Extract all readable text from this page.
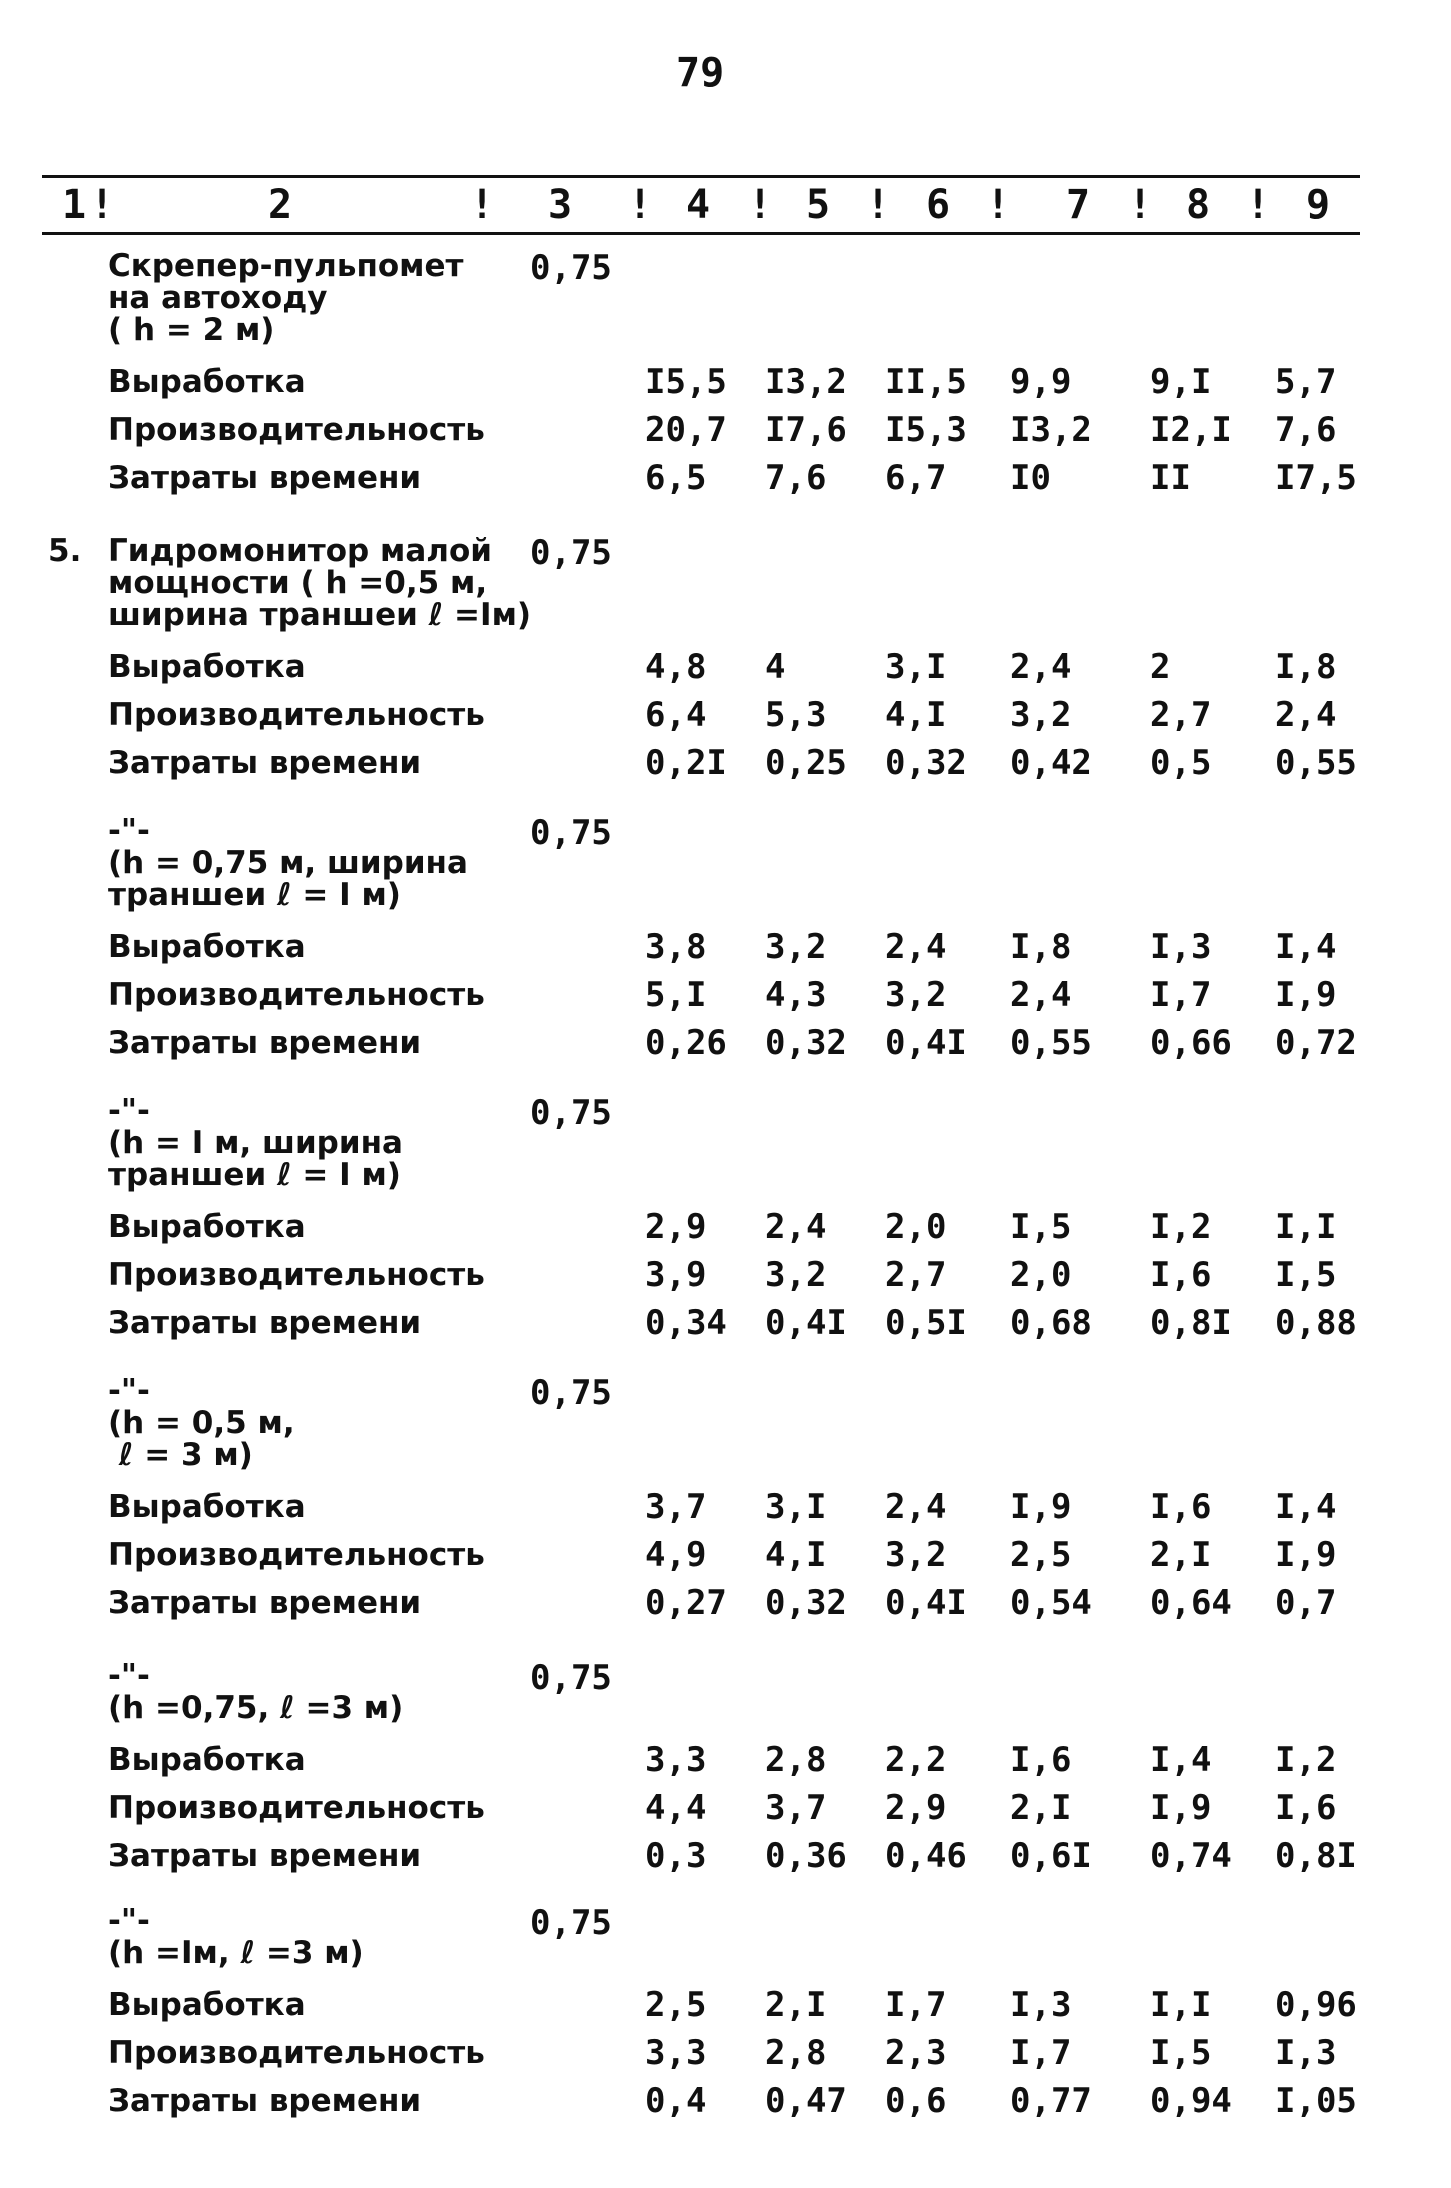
79
1	2	3	4 5 6	7 8 9
!	!	! ! ! !	! !
Скрепер-пульпомет
на автоходу
( h = 2 м)
0,75
Выработка	I5,5 I3,2 II,5 9,9 9,I 5,7
Производительность	20,7 I7,6 I5,3 I3,2 I2,I 7,6
Затраты времени	6,5 7,6 6,7 I0	II I7,5
5. Гидромонитор малой
мощности ( h =0,5 м,
ширина траншеи ℓ =Iм)
0,75
Выработка	4,8 4	3,I 2,4 2	I,8
Производительность	6,4 5,3 4,I 3,2 2,7 2,4
Затраты времени	0,2I 0,25 0,32 0,42 0,5 0,55
-"-
(h = 0,75 м, ширина
траншеи ℓ = I м)
0,75
Выработка	3,8 3,2 2,4 I,8 I,3 I,4
Производительность	5,I 4,3 3,2 2,4 I,7 I,9
Затраты времени	0,26 0,32 0,4I 0,55 0,66 0,72
-"-
(h = I м, ширина
траншеи ℓ = I м)
0,75
Выработка	2,9 2,4 2,0 I,5 I,2 I,I
Производительность	3,9 3,2 2,7 2,0 I,6 I,5
Затраты времени	0,34 0,4I 0,5I 0,68 0,8I 0,88
-"-
(h = 0,5 м,
ℓ = 3 м)
0,75
Выработка	3,7 3,I 2,4 I,9 I,6 I,4
Производительность	4,9 4,I 3,2 2,5 2,I I,9
Затраты времени	0,27 0,32 0,4I 0,54 0,64 0,7
-"-
(h =0,75, ℓ =3 м)
0,75
Выработка	3,3 2,8 2,2 I,6 I,4 I,2
Производительность	4,4 3,7 2,9 2,I I,9 I,6
Затраты времени	0,3 0,36 0,46 0,6I 0,74 0,8I
-"-
(h =Iм, ℓ =3 м)
0,75
Выработка	2,5 2,I I,7 I,3 I,I 0,96
Производительность	3,3 2,8 2,3 I,7 I,5 I,3
Затраты времени	0,4 0,47 0,6 0,77 0,94 I,05
